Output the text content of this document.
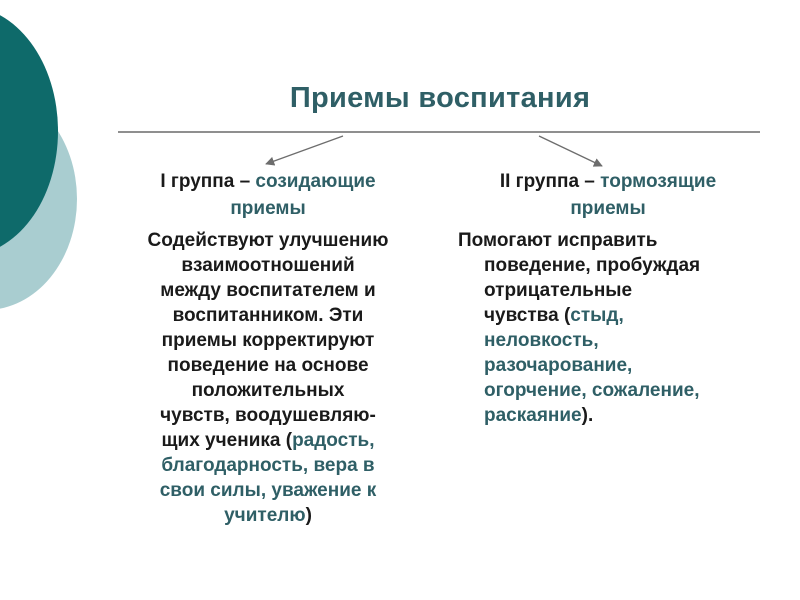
Приемы воспитания
I группа – созидающие
приемы
Содействуют улучшению
взаимоотношений
между воспитателем и
воспитанником. Эти
приемы корректируют
поведение на основе
положительных
чувств, воодушевляю-
щих ученика (радость,
благодарность, вера в
свои силы, уважение к
учителю)
II группа – тормозящие
приемы
Помогают исправить
поведение, пробуждая
отрицательные
чувства (стыд,
неловкость,
разочарование,
огорчение, сожаление,
раскаяние).
